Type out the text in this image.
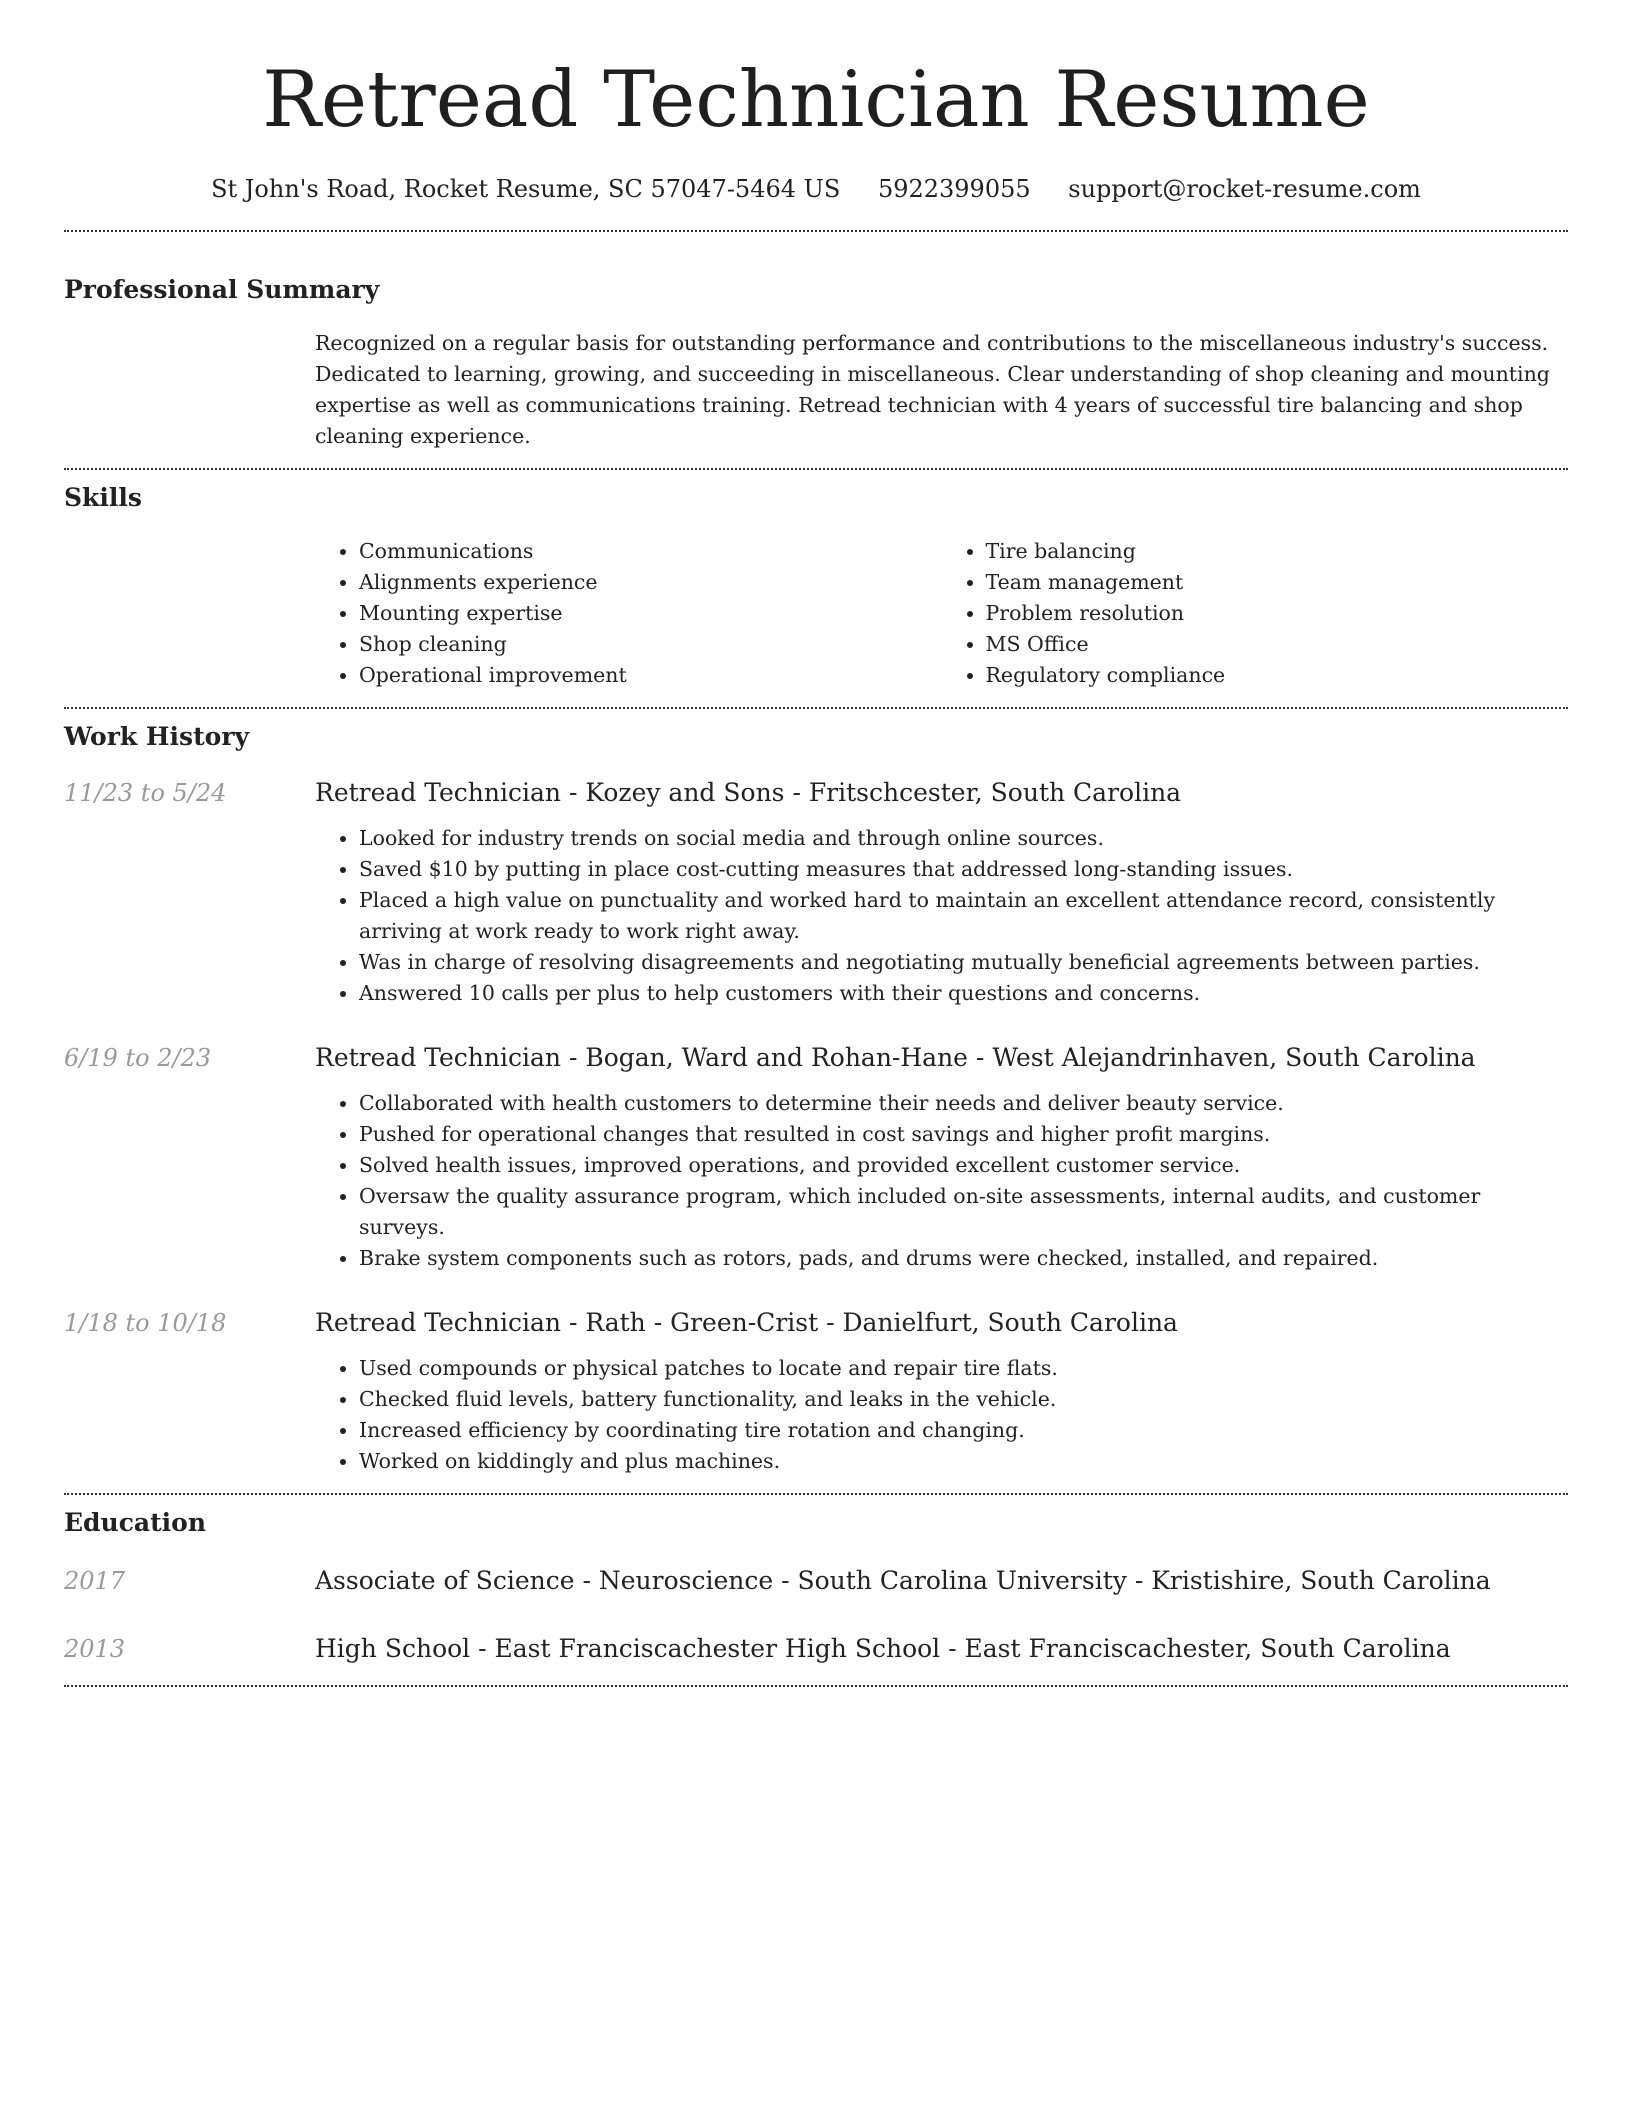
Retread Technician Resume
St John's Road, Rocket Resume, SC 57047-5464 US 5922399055 support@rocket-resume.com
Professional Summary

Recognized on a regular basis for outstanding performance and contributions to the miscellaneous industry's success. Dedicated to learning, growing, and succeeding in miscellaneous. Clear understanding of shop cleaning and mounting expertise as well as communications training. Retread technician with 4 years of successful tire balancing and shop cleaning experience.

Skills
• Communications
• Alignments experience
• Mounting expertise
• Shop cleaning
• Operational improvement
• Tire balancing
• Team management
• Problem resolution
• MS Office
• Regulatory compliance
Work History
11/23 to 5/24	Retread Technician - Kozey and Sons - Fritschcester, South Carolina
• Looked for industry trends on social media and through online sources.
• Saved $10 by putting in place cost-cutting measures that addressed long-standing issues.
• Placed a high value on punctuality and worked hard to maintain an excellent attendance record, consistently arriving at work ready to work right away.
• Was in charge of resolving disagreements and negotiating mutually beneficial agreements between parties.
• Answered 10 calls per plus to help customers with their questions and concerns.
6/19 to 2/23	Retread Technician - Bogan, Ward and Rohan-Hane - West Alejandrinhaven, South Carolina
• Collaborated with health customers to determine their needs and deliver beauty service.
• Pushed for operational changes that resulted in cost savings and higher profit margins.
• Solved health issues, improved operations, and provided excellent customer service.
• Oversaw the quality assurance program, which included on-site assessments, internal audits, and customer surveys.
• Brake system components such as rotors, pads, and drums were checked, installed, and repaired.
1/18 to 10/18	Retread Technician - Rath - Green-Crist - Danielfurt, South Carolina
• Used compounds or physical patches to locate and repair tire flats.
• Checked fluid levels, battery functionality, and leaks in the vehicle.
• Increased efficiency by coordinating tire rotation and changing.
• Worked on kiddingly and plus machines.
Education
2017	Associate of Science - Neuroscience - South Carolina University - Kristishire, South Carolina
2013	High School - East Franciscachester High School - East Franciscachester, South Carolina
